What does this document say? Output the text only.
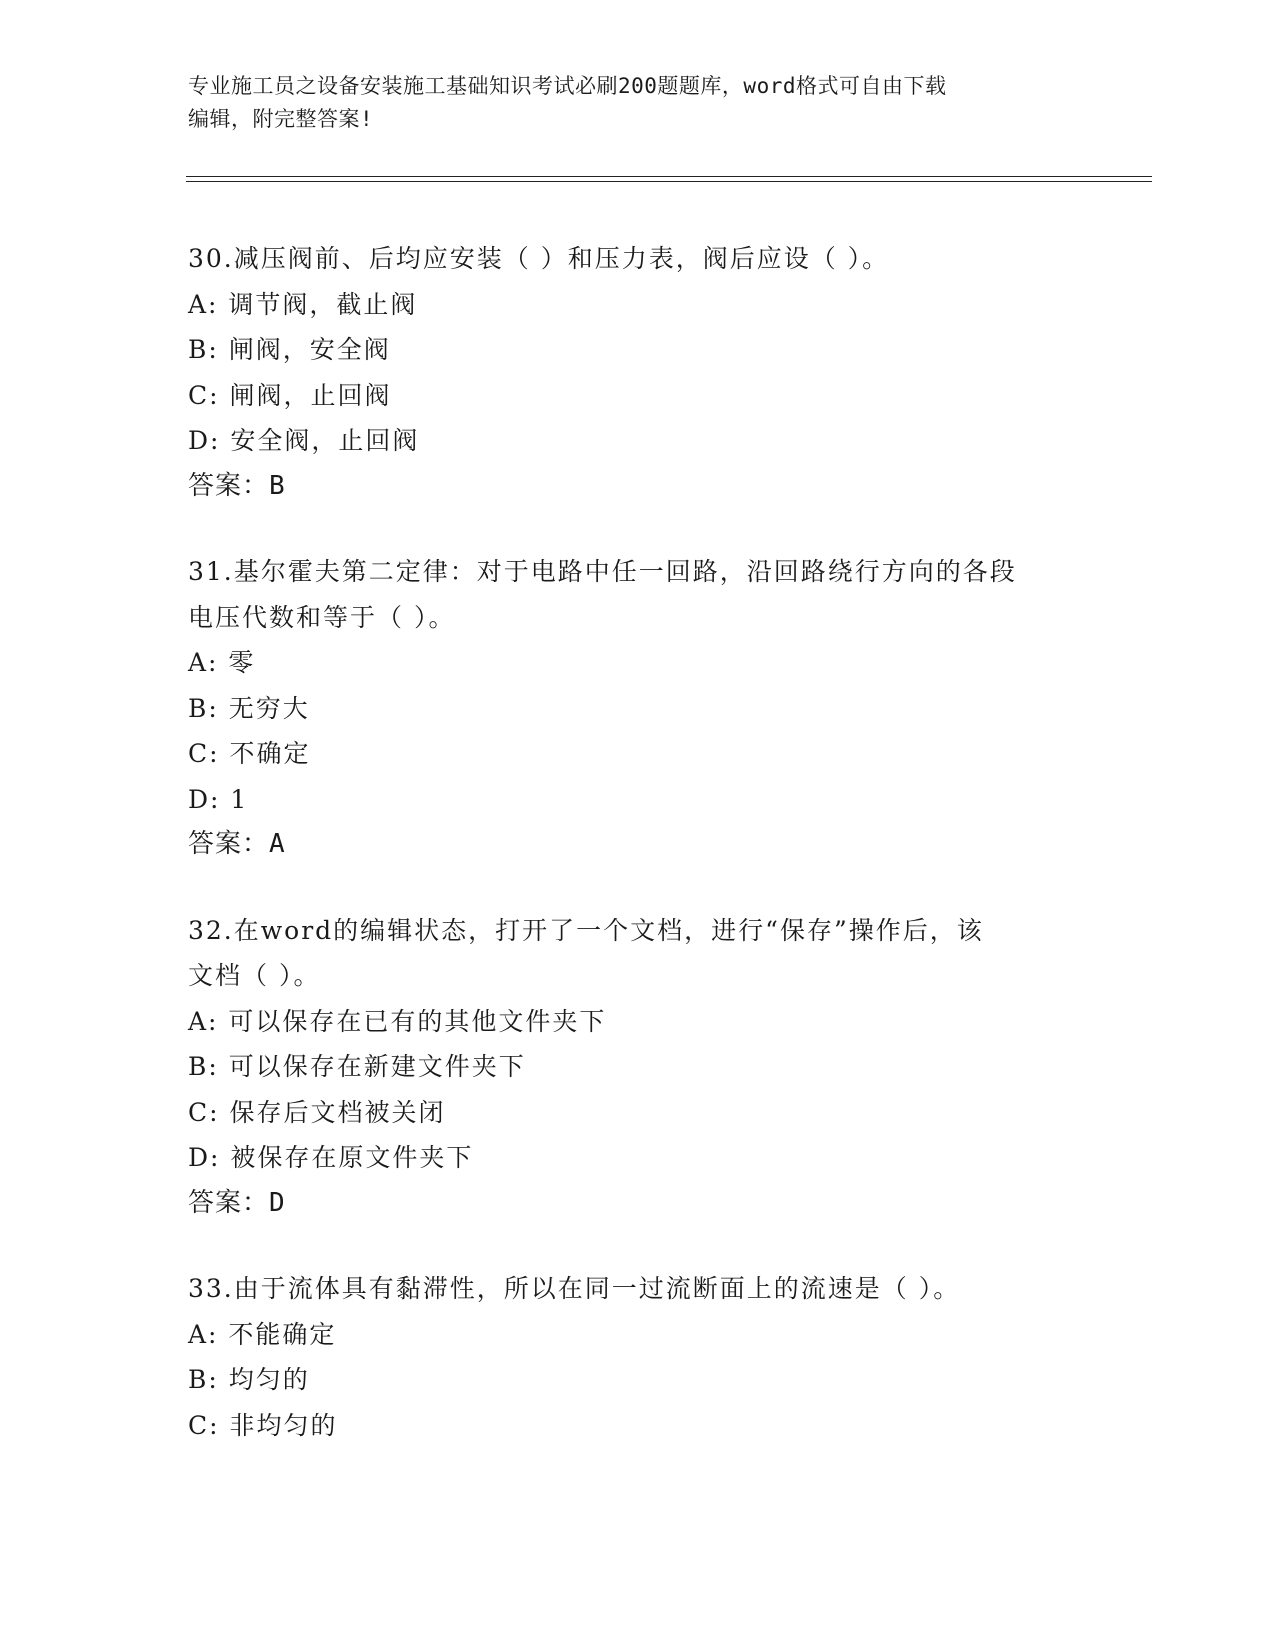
专业施工员之设备安装施工基础知识考试必刷200题题库，word格式可自由下载
编辑，附完整答案!
30.减压阀前、后均应安装（ ）和压力表，阀后应设（ ）。
A: 调节阀，截止阀
B: 闸阀，安全阀
C: 闸阀，止回阀
D: 安全阀，止回阀
答案：B
31.基尔霍夫第二定律：对于电路中任一回路，沿回路绕行方向的各段
电压代数和等于（ ）。
A: 零
B: 无穷大
C: 不确定
D: 1
答案：A
32.在word的编辑状态，打开了一个文档，进行“保存”操作后，该
文档（ ）。
A: 可以保存在已有的其他文件夹下
B: 可以保存在新建文件夹下
C: 保存后文档被关闭
D: 被保存在原文件夹下
答案：D
33.由于流体具有黏滞性，所以在同一过流断面上的流速是（ ）。
A: 不能确定
B: 均匀的
C: 非均匀的
